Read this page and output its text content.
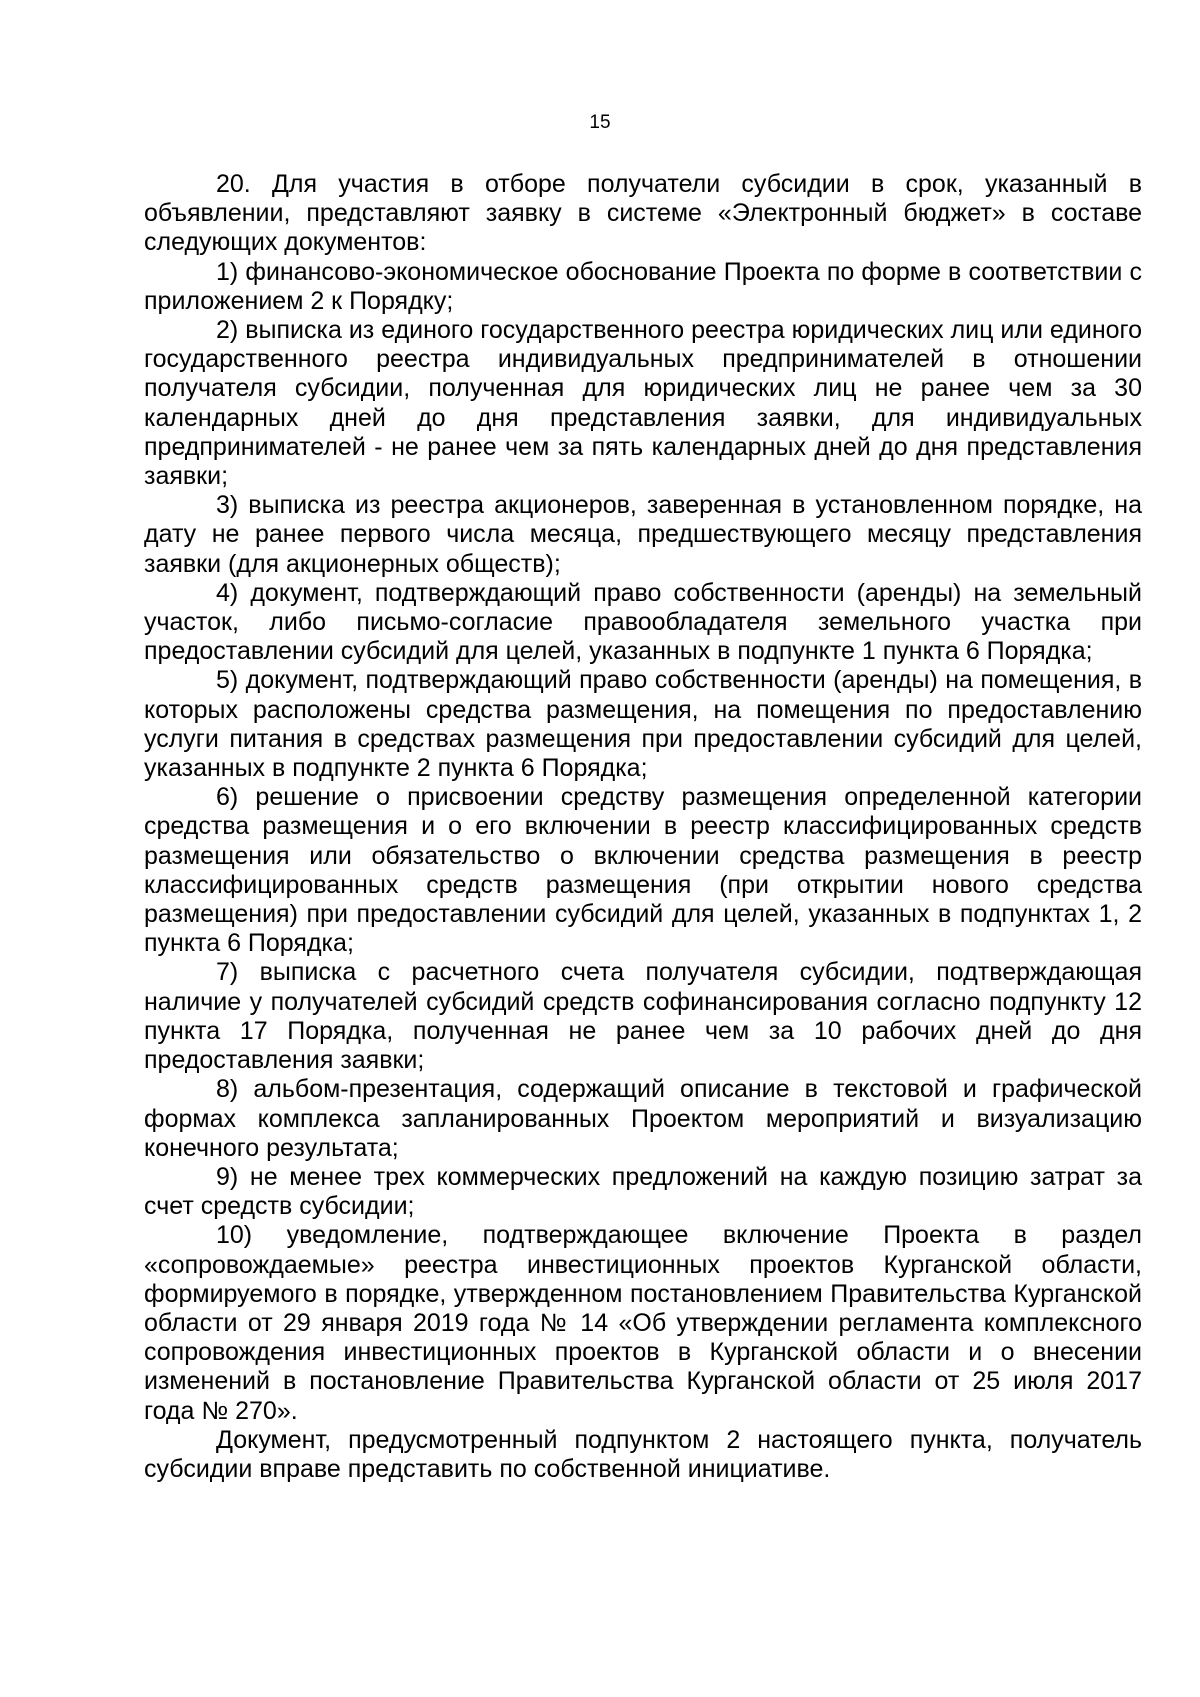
15

20. Для участия в отборе получатели субсидии в срок, указанный в объявлении, представляют заявку в системе «Электронный бюджет» в составе следующих документов:

1) финансово-экономическое обоснование Проекта по форме в соответствии с приложением 2 к Порядку;

2) выписка из единого государственного реестра юридических лиц или единого государственного реестра индивидуальных предпринимателей в отношении получателя субсидии, полученная для юридических лиц не ранее чем за 30 календарных дней до дня представления заявки, для индивидуальных предпринимателей - не ранее чем за пять календарных дней до дня представления заявки;

3) выписка из реестра акционеров, заверенная в установленном порядке, на дату не ранее первого числа месяца, предшествующего месяцу представления заявки (для акционерных обществ);

4) документ, подтверждающий право собственности (аренды) на земельный участок, либо письмо-согласие правообладателя земельного участка при предоставлении субсидий для целей, указанных в подпункте 1 пункта 6 Порядка;

5) документ, подтверждающий право собственности (аренды) на помещения, в которых расположены средства размещения, на помещения по предоставлению услуги питания в средствах размещения при предоставлении субсидий для целей, указанных в подпункте 2 пункта 6 Порядка;

6) решение о присвоении средству размещения определенной категории средства размещения и о его включении в реестр классифицированных средств размещения или обязательство о включении средства размещения в реестр классифицированных средств размещения (при открытии нового средства размещения) при предоставлении субсидий для целей, указанных в подпунктах 1, 2 пункта 6 Порядка;

7) выписка с расчетного счета получателя субсидии, подтверждающая наличие у получателей субсидий средств софинансирования согласно подпункту 12 пункта 17 Порядка, полученная не ранее чем за 10 рабочих дней до дня предоставления заявки;

8) альбом-презентация, содержащий описание в текстовой и графической формах комплекса запланированных Проектом мероприятий и визуализацию конечного результата;

9) не менее трех коммерческих предложений на каждую позицию затрат за счет средств субсидии;

10) уведомление, подтверждающее включение Проекта в раздел «сопровождаемые» реестра инвестиционных проектов Курганской области, формируемого в порядке, утвержденном постановлением Правительства Курганской области от 29 января 2019 года № 14 «Об утверждении регламента комплексного сопровождения инвестиционных проектов в Курганской области и о внесении изменений в постановление Правительства Курганской области от 25 июля 2017 года № 270».

Документ, предусмотренный подпунктом 2 настоящего пункта, получатель субсидии вправе представить по собственной инициативе.
